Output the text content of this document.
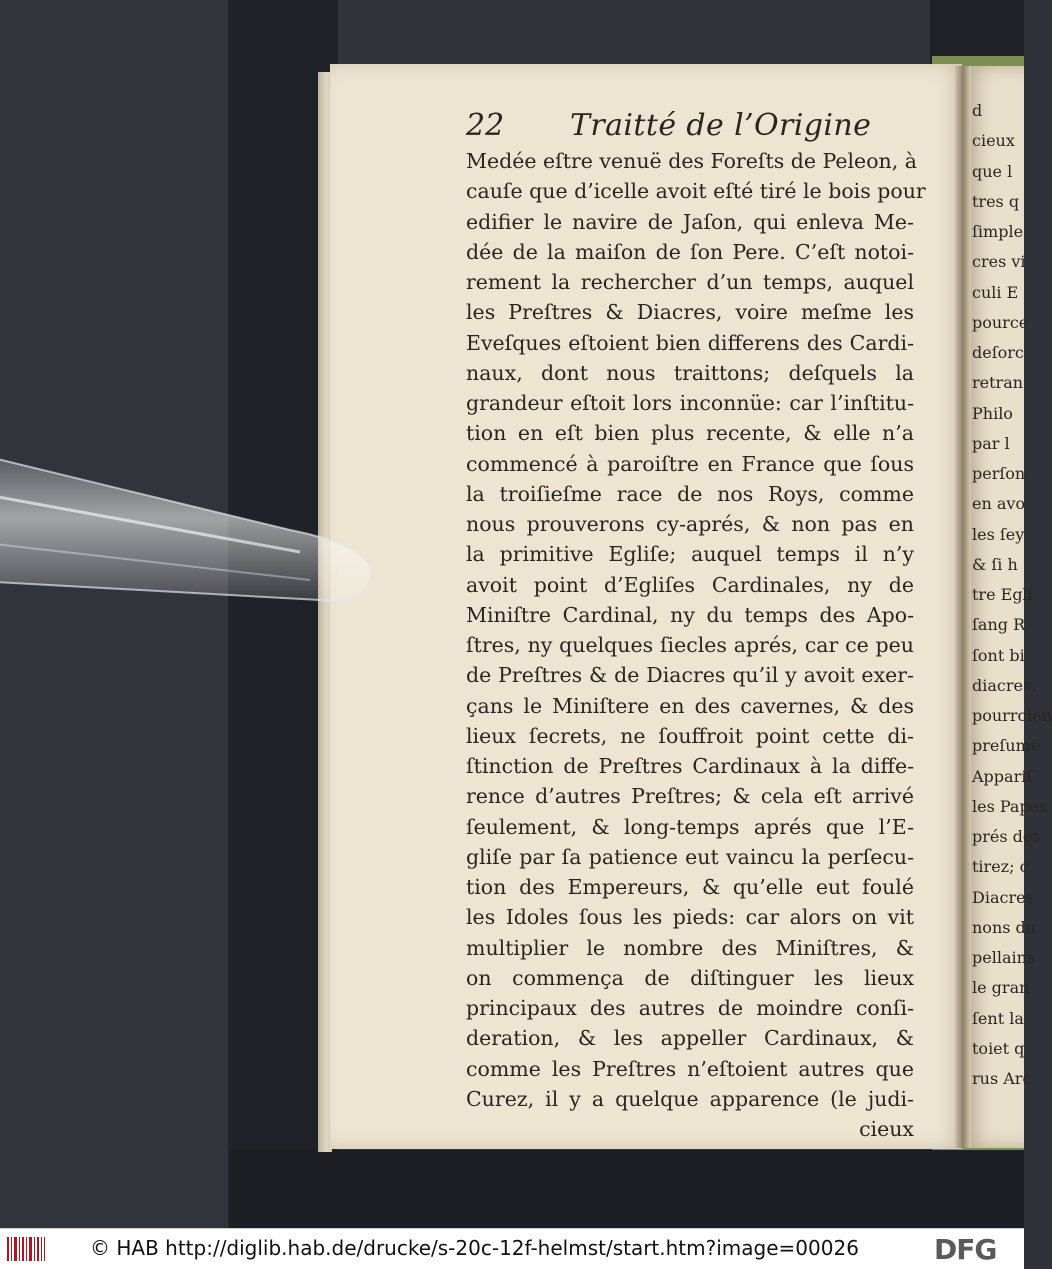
22 Traitté de l’Origine
Medée eſtre venuë des Foreſts de Peleon, à
cauſe que d’icelle avoit eſté tiré le bois pour
edifier le navire de Jaſon, qui enleva Me-
dée de la maiſon de ſon Pere. C’eſt notoi-
rement la rechercher d’un temps, auquel
les Preſtres & Diacres, voire meſme les
Eveſques eſtoient bien differens des Cardi-
naux, dont nous traittons; deſquels la
grandeur eſtoit lors inconnüe: car l’inſtitu-
tion en eſt bien plus recente, & elle n’a
commencé à paroiſtre en France que ſous
la troiſieſme race de nos Roys, comme
nous prouverons cy-aprés, & non pas en
la primitive Egliſe; auquel temps il n’y
avoit point d’Egliſes Cardinales, ny de
Miniſtre Cardinal, ny du temps des Apo-
ſtres, ny quelques ſiecles aprés, car ce peu
de Preſtres & de Diacres qu’il y avoit exer-
çans le Miniſtere en des cavernes, & des
lieux ſecrets, ne ſouffroit point cette di-
ſtinction de Preſtres Cardinaux à la diffe-
rence d’autres Preſtres; & cela eſt arrivé
ſeulement, & long-temps aprés que l’E-
gliſe par ſa patience eut vaincu la perſecu-
tion des Empereurs, & qu’elle eut foulé
les Idoles ſous les pieds: car alors on vit
multiplier le nombre des Miniſtres, &
on commença de diſtinguer les lieux
principaux des autres de moindre conſi-
deration, & les appeller Cardinaux, &
comme les Preſtres n’eſtoient autres que
Curez, il y a quelque apparence (le judi-
cieux
d
cieux
que l
tres q
ſimple
cres vi
culi E
pource
deſorc
retran
Philo
par l
perſon
en avo
les ſey
& ſi h
tre Egli
ſang R
ſont bi
diacres,
pourroien
preſume
Appariſ
les Papes
prés des
tirez; c
Diacres
nons du
pellains
le gran
ſent la
toiet q
rus Arc
© HAB http://diglib.hab.de/drucke/s-20c-12f-helmst/start.htm?image=00026	DFG
